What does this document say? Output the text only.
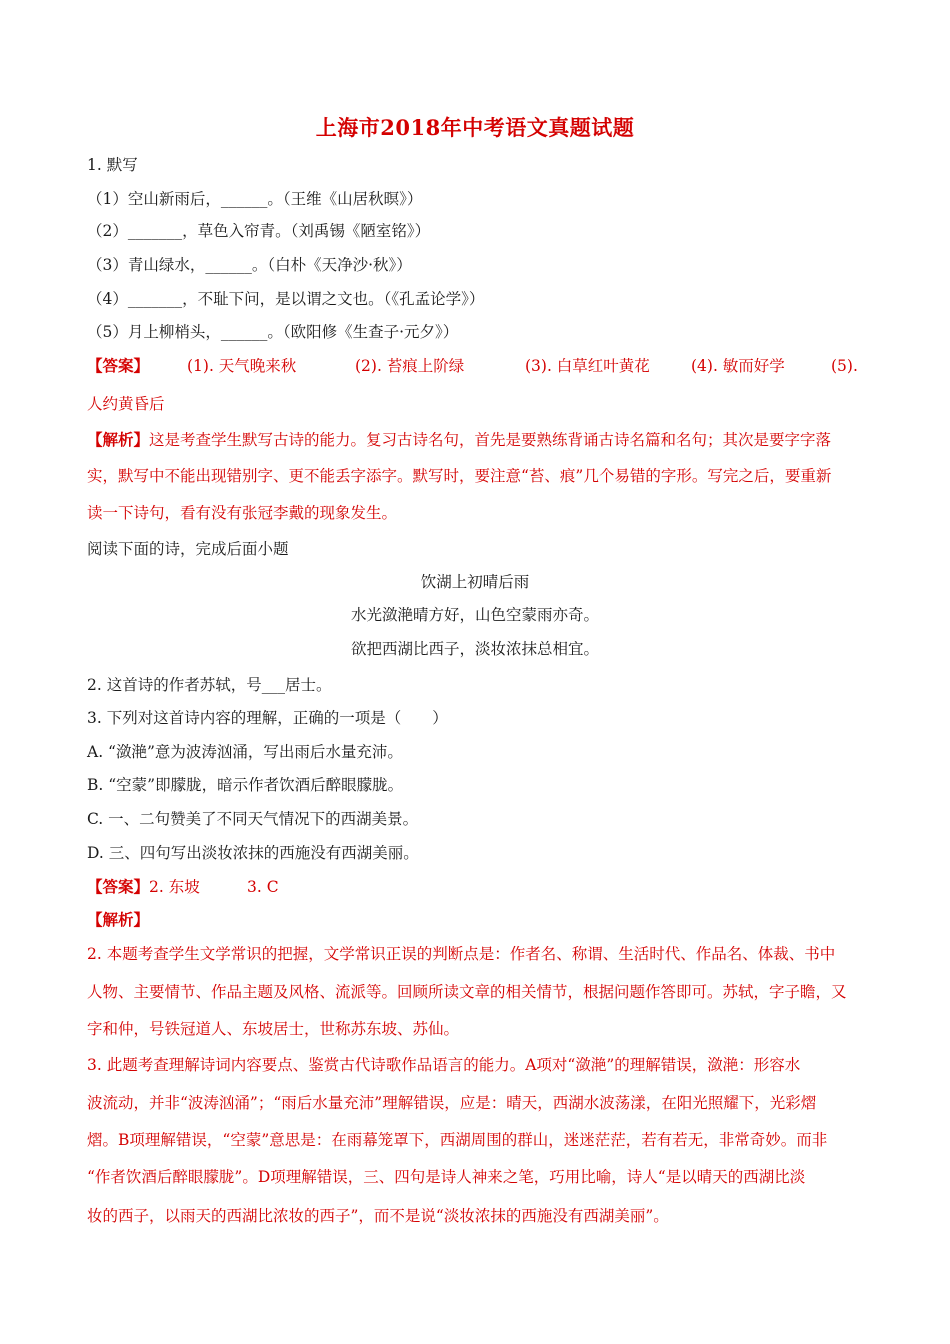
上海市2018年中考语文真题试题
1. 默写
（1）空山新雨后，______。（王维《山居秋暝》）
（2）_______，草色入帘青。（刘禹锡《陋室铭》）
（3）青山绿水，______。（白朴《天净沙·秋》）
（4）_______，不耻下问，是以谓之文也。（《孔孟论学》）
（5）月上柳梢头，______。（欧阳修《生查子·元夕》）
【答案】 (1). 天气晚来秋	(2). 苔痕上阶绿	(3). 白草红叶黄花	(4). 敏而好学	(5).
人约黄昏后
【解析】这是考查学生默写古诗的能力。复习古诗名句，首先是要熟练背诵古诗名篇和名句；其次是要字字落
实，默写中不能出现错别字、更不能丢字添字。默写时，要注意“苔、痕”几个易错的字形。写完之后，要重新
读一下诗句，看有没有张冠李戴的现象发生。
阅读下面的诗，完成后面小题
饮湖上初晴后雨
水光潋滟晴方好，山色空蒙雨亦奇。
欲把西湖比西子，淡妆浓抹总相宜。
2. 这首诗的作者苏轼，号___居士。
3. 下列对这首诗内容的理解，正确的一项是（　　）
A. “潋滟”意为波涛汹涌，写出雨后水量充沛。
B. “空蒙”即朦胧，暗示作者饮酒后醉眼朦胧。
C. 一、二句赞美了不同天气情况下的西湖美景。
D. 三、四句写出淡妆浓抹的西施没有西湖美丽。
【答案】2. 东坡	3. C
【解析】
2. 本题考查学生文学常识的把握，文学常识正误的判断点是：作者名、称谓、生活时代、作品名、体裁、书中
人物、主要情节、作品主题及风格、流派等。回顾所读文章的相关情节，根据问题作答即可。苏轼，字子瞻，又
字和仲，号铁冠道人、东坡居士，世称苏东坡、苏仙。
3. 此题考查理解诗词内容要点、鉴赏古代诗歌作品语言的能力。A项对“潋滟”的理解错误，潋滟：形容水
波流动，并非“波涛汹涌”；“雨后水量充沛”理解错误，应是：晴天，西湖水波荡漾，在阳光照耀下，光彩熠
熠。B项理解错误，“空蒙”意思是：在雨幕笼罩下，西湖周围的群山，迷迷茫茫，若有若无，非常奇妙。而非
“作者饮酒后醉眼朦胧”。D项理解错误，三、四句是诗人神来之笔，巧用比喻，诗人“是以晴天的西湖比淡
妆的西子，以雨天的西湖比浓妆的西子”，而不是说“淡妆浓抹的西施没有西湖美丽”。
